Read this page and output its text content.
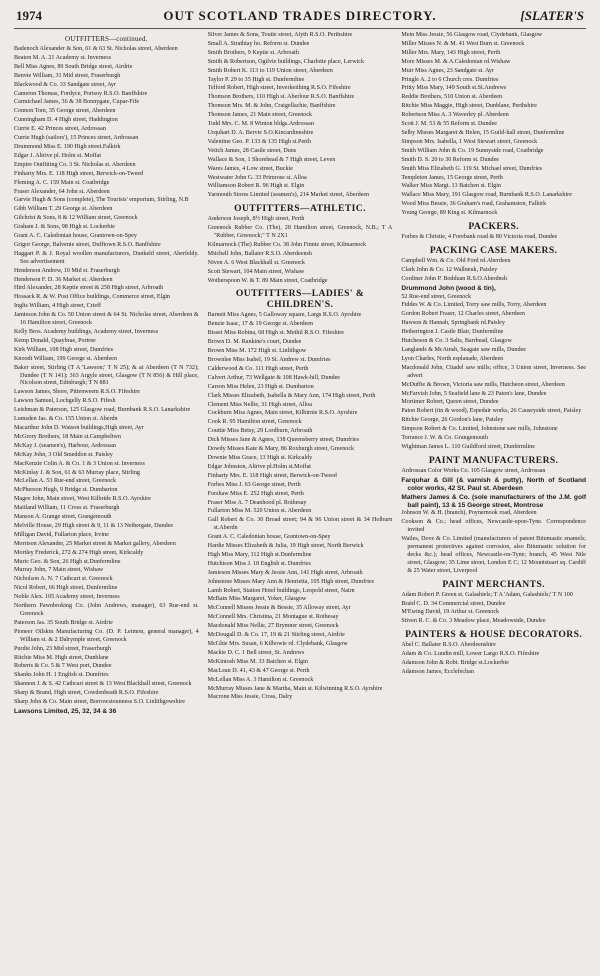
1974	OUT SCOTLAND TRADES DIRECTORY.	[SLATER'S
OUTFITTERS—continued.

Badenoch Alexander & Son, 61 & 63 St. Nicholas street, Aberdeen

Beaton M. A. 21 Academy st. Inverness

Bell Miss Agnes, 89 South Bridge street, Airdrie

Benvie William, 31 Mid street, Fraserburgh

Blackwood & Co. 33 Sandgate street, Ayr

Cameron Thomas, Fordyce, Portsoy R.S.O. Banffshire

Carmichael James, 36 & 38 Bonnygate, Cupar-Fife

Connon Tom, 35 George street, Aberdeen

Cunningham D. 4 High street, Haddington

Currie E. 42 Princes street, Ardrossan

Currie Hugh (sailors'), 15 Princes street, Ardrossan

Drummond Miss E. 190 High street.Falkirk

Edgar J. Altrive pl. Holm st. Moffat

Empire Outfitting Co. 3 St. Nicholas st. Aberdeen

Finharty Mrs. E. 118 High street, Berwick-on-Tweed

Fleming A. C. 159 Main st. Coatbridge

Fraser Alexander, 64 John st. Aberdeen

Garvie Hugh & Sons (complete), The Tourists' emporium, Stirling, N.B

Gibb William T. 29 George st. Aberdeen

Gilchrist & Sons, 8 & 12 William street, Greenock

Graham J. & Sons, 98 High st. Lockerbie

Grant A. C. Caledonian house, Grantown-on-Spey

Grigor George, Balvenie street, Dufftown R.S.O. Banffshire

Haggart P. & J. Royal woollen manufacturers, Dunkeld street, Aberfeldy. See advertisement

Henderson Andrew, 10 Mid st. Fraserburgh

Henderson F. D. 36 Market st. Aberdeen

Hird Alexander, 28 Keptie street & 258 High street, Arbroath

Hossack R. & W. Post Office buildings, Commerce street, Elgin

Inglis William, 4 High street, Crieff

Jamieson John & Co. 50 Union street & 64 St. Nicholas street, Aberdeen & 16 Hamilton street, Greenock

Kelly Bros. Academy buildings, Academy street, Inverness

Kemp Donald, Quaybrae, Portree

Kirk William, 108 High street, Dumfries

Knoodt William, 199 George st. Aberdeen

Baker street, Stirling (T A 'Lawson;' T N 25); & at Aberdeen (T N 732); Dundee (T N 141); 363 Argyle street, Glasgow (T N 856) & Hill place, Nicolson street, Edinburgh; T N 881

Lawson James, Shore, Pittenweem R.S.O. Fifeshire

Lawson Samuel, Lochgelly R.S.O. Fifesh

Leishman & Paterson, 125 Glasgow road, Burnbank R.S.O. Lanarkshire

Lumsden Jas. & Co. 155 Union st. Aberdn

Macarthur John D. Watson buildings,High street, Ayr

McGrory Brothers, 18 Main st.Campbeltwn

McKay J. (seamen's), Harbour, Ardrossan

McKay John, 3 Old Smeddon st. Paisley

MacKenzie Colin A. & Co. 1 & 3 Union st. Inverness

McKinlay J. & Son, 61 & 63 Murray place, Stirling

McLellan A. 53 Rue-end street, Greenock

McPherson Hugh, 9 Bridge st. Dumbarton

Magee John, Main street, West Kilbride R.S.O. Ayrshire

Maitland William, 11 Cross st. Fraserburgh

Manson A. Grange street, Grangemouth

Melville House, 29 High street & 9, 11 & 13 Nethergate, Dundee

Milligan David, Fullarton place, Irvine

Morrison Alexander, 25 Market street & Market gallery, Aberdeen

Mortley Frederick, 272 & 274 High street, Kirkcaldy

Muric Geo. & Son, 26 High st.Dunfermline

Murray John, 7 Main street, Wishaw

Nicholson A. N. 7 Cathcart st. Greenock

Nicol Robert, 66 High street, Dunfermline

Noble Alex. 105 Academy street, Inverness

Northern Pawnbroking Co. (John Andrews, manager), 63 Rue-end st. Greenock

Paterson Jas. 35 South Bridge st. Airdrie

Pioneer Oilskin Manufacturing Co. (D. P. Leimon, general manager), 4 William st. & 2 Dalrymple street, Greenock

Purdie John, 23 Mid street, Fraserburgh

Ritchie Miss M. High street, Dunblane

Roberts & Co. 5 & 7 West port, Dundee

Shanks John H. 1 English st. Dumfries

Shannon J. & S. 42 Cathcart street & 13 West Blackhall street, Greenock

Sharp & Brand, High street, Cowdenbeath R.S.O. Fifeshire

Sharp John & Co. Main street, Borrowstounness S.O. Linlithgowshire

Lawsons Limited, 25, 32, 34 & 36

Silver James & Sons, Toutie street, Alyth R.S.O. Perthshire

Small A. Strathtay ho. Reform st. Dundee

Smith Brothers, 9 Keptie st. Arbroath

Smith & Robertson, Ogilvie buildings, Charlotte place, Lerwick

Smith Robert K. 113 to 119 Union street, Aberdeen

Taylor P. 29 to 35 High st. Dunfermline

Telford Robert, High street, Inverkeithing R.S.O. Fifeshire

Thomson Brothers, 110 High st. Aberlour R.S.O. Banffshire

Thomson Mrs. M. & John, Craigellachie, Banffshire

Thomson James, 21 Main street, Greenock

Todd Mrs. C. M. 8 Winton bldgs.Ardrossan

Urquhart D. A. Bervie S.O.Kincardineshire

Valentine Geo. P. 133 & 135 High st.Perth

Veitch James, 28 Castle street, Duns

Wallace & Son, 1 Shorehead & 7 High street, Leven

Wares James, 4 Low street, Buckie

Westwater John G. 33 Primrose st. Alloa

Williamson Robert R. 96 High st. Elgin

Yarmouth Stores Limited (seamen's), 214 Market street, Aberdeen

OUTFITTERS—ATHLETIC.

Anderson Joseph, 8½ High street, Perth

Greenock Rubber Co. (The), 28 Hamilton street, Greenock, N.B.; T A "Rubber, Greenock;" T N 2X1

Kilmarnock (The) Rubber Co. 38 John Finnie street, Kilmarnock

Mitchell John, Ballater R.S.O. Aberdeensh

Niven A. 6 West Blackhall st. Greenock

Scott Stewart, 104 Main street, Wishaw

Wotherspoon W. & T. 89 Main street, Coatbridge

OUTFITTERS—LADIES' & CHILDREN'S.

Barnett Miss Agnes, 5 Galloway square, Largs R.S.O. Ayrshire

Benzie Isaac, 17 & 19 George st. Aberdeen

Bisset Miss Robina, 68 High st. Methil R.S.O. Fifeshire

Brown D. M. Rankine's court, Dundee

Brown Miss M. 172 High st. Linlithgow

Brownlee Miss Isabel, 19 St. Andrew st. Dumfries

Calderwood & Co. 111 High street, Perth

Calvert Arthur, 73 Wellgate & 108 Hawk-hill, Dundee

Carson Miss Helen, 23 High st. Dumbarton

Clark Misses Elizabeth, Isabella & Mary Ann, 174 High street, Perth

Clement Miss Nellie, 31 High street, Alloa

Cockburn Miss Agnes, Main street, Kilbirnie R.S.O. Ayrshire

Cook R. 95 Hamilton street, Greenock

Couttie Miss Betsy, 29 Lordburn, Arbroath

Dick Misses Jane & Agnes, 138 Queensberry street, Dumfries

Dowdy Misses Kate & Mary, 86 Roxburgh street, Greenock

Downie Miss Grace, 13 High st. Kirkcaldy

Edgar Johnston, Altrive pl.Holm st.Moffat

Finharty Mrs. E. 118 High street, Berwick-on-Tweed

Forbes Miss J. 63 George street, Perth

Forshaw Miss E. 252 High street, Perth

Fraser Miss A. 7 Deanhood pl. Rothesay

Fullarton Miss M. 520 Union st. Aberdeen

Gall Robert & Co. 30 Broad street; 94 & 96 Union street & 34 Holburn st.Aberdn

Grant A. C. Caledonian house, Grantown-on-Spey

Hardie Misses Elizabeth & Julia, 19 High street, North Berwick

High Miss Mary, 112 High st.Dunfermline

Hutchison Miss J. 18 English st. Dumfries

Jamieson Misses Mary & Jessie Ann, 141 High street, Arbroath

Johnstone Misses Mary Ann & Henrietta, 105 High street, Dumfries

Lamb Robert, Station Hotel buildings, Leopold street, Nairn

McBain Miss Margaret, Yoker, Glasgow

McConnell Misses Jessie & Bessie, 35 Alloway street, Ayr

McConnell Mrs. Christina, 21 Montague st. Rothesay

Macdonald Miss Nellie, 27 Brymner street, Greenock

McDougall D. & Co. 17, 19 & 21 Stirling street, Airdrie

McGhie Mrs. Susan, 6 Kilbowie rd. Clydebank, Glasgow

Mackie D. C. 1 Bell street, St. Andrews

McKintosh Miss M. 33 Batchen st. Elgin

MacLean D. 41, 43 & 47 George st. Perth

McLellan Miss A. 3 Hamilton st. Greenock

McMurray Misses Jane & Martha, Main st. Kilwinning R.S.O. Ayrshire

Macrone Miss Jessie, Cross, Dalry

Mein Miss Jessie, 56 Glasgow road, Clydebank, Glasgow

Miller Misses N. & M. 41 West Burn st. Greenock

Miller Mrs. Mary, 143 High street, Perth

More Misses M. & A.Caledonian rd.Wishaw

Muir Miss Agnes, 23 Sandgate st. Ayr

Pringle A. 2 to 6 Church cres. Dumfries

Pritty Miss Mary, 149 South st.St.Andrews

Reddie Brothers, 510 Union st. Aberdeen

Ritchie Miss Maggie, High street, Dunblane, Perthshire

Robertson Miss A. 3 Waverley pl. Aberdeen

Scott J. M. 53 & 55 Reform st. Dundee

Selby Misses Margaret & Helen, 15 Guild-hall street, Dunfermline

Simpson Mrs. Isabella, 1 West Stewart street, Greenock

Smith William John & Co. 19 Sunnyside road, Coatbridge

Smith D. S. 20 to 30 Reform st. Dundee

Smith Miss Elizabeth G. 119 St. Michael street, Dumfries

Templeton James, 15 George street, Perth

Walker Miss Margt. 13 Batchen st. Elgin

Wallace Miss Mary, 191 Glasgow road, Burnbank R.S.O. Lanarkshire

Wood Miss Bessie, 36 Graham's road, Grahamston, Falkirk

Young George, 89 King st. Kilmarnock

PACKERS.

Forbes & Christie, 4 Forebank road & 80 Victoria road, Dundee

PACKING CASE MAKERS.

Campbell Wm. & Co. Old Ford rd.Aberdeen

Clark John & Co. 12 Wallneuk, Paisley

Cordiner John P. Bodduan R.S.O.Aberdnsh

Drummond John (wood & tin),

52 Rue-end street, Greenock

Fiddes W. & Co. Limited, Torry saw mills, Torry, Aberdeen

Gordon Robert Fraser, 12 Charles street, Aberdeen

Hawson & Hannah, Springbank rd.Paisley

Hetherington J. Castle Blair, Dunfermline

Hutcheson & Co. 3 Salts, Barrhead, Glasgow

Langlands & McAinsh, Seagate saw mills, Dundee

Lyon Charles, North esplanade, Aberdeen

Macdonald John, Citadel saw mills; office, 3 Union street, Inverness. See advert

McDuffie & Brown, Victoria saw mills, Hutcheon street, Aberdeen

McFarvish John, 5 Seafield lane & 23 Paton's lane, Dundee

Mortimer Robert, Queen street, Dundee

Paton Robert (tin & wood), Espedair works, 26 Causeyside street, Paisley

Ritchie George, 26 Gordon's lane, Paisley

Simpson Robert & Co. Limited, Johnstone saw mills, Johnstone

Torrance J. W. & Co. Grangemouth

Wightman James L. 110 Guildford street, Dunfermline

PAINT MANUFACTURERS.

Ardrossan Color Works Co. 105 Glasgow street, Ardrossan

Farquhar & Gill (& varnish & putty), North of Scotland color works, 42 St. Paul st. Aberdeen

Mathers James & Co. (sole manufacturers of the J.M. golf ball paint), 13 & 15 George street, Montrose

Johnson W. & H. (branch), Poynernook road, Aberdeen

Cookson & Co.; head offices, Newcastle-upon-Tyne. Correspondence invited

Wailes, Dove & Co. Limited (manufacturers of patent Bitumastic enamels; permanent protectives against corrosion, also Bitumastic solution for decks &c.); head offices, Newcastle-on-Tyne; branch, 45 West Nile street, Glasgow; 35 Lime street, London E C; 12 Mountstuart sq. Cardiff & 25 Water street, Liverpool

PAINT MERCHANTS.

Adam Robert P. Green st. Galashiels; T A 'Adam, Galashiels;' T N 100

Braid C. D. 34 Commercial street, Dundee

M'Ewing David, 19 Arthur st. Greenock

Stiven R. C. & Co. 3 Meadow place, Meadowside, Dundee

PAINTERS & HOUSE DECORATORS.

Abel C. Ballater R.S.O. Aberdeenshire

Adam & Co. Lundin mill, Lower Largo R.S.O. Fifeshire

Adamson John & Robt. Bridge st.Lockerbie

Adamson James, Ecclefechan
